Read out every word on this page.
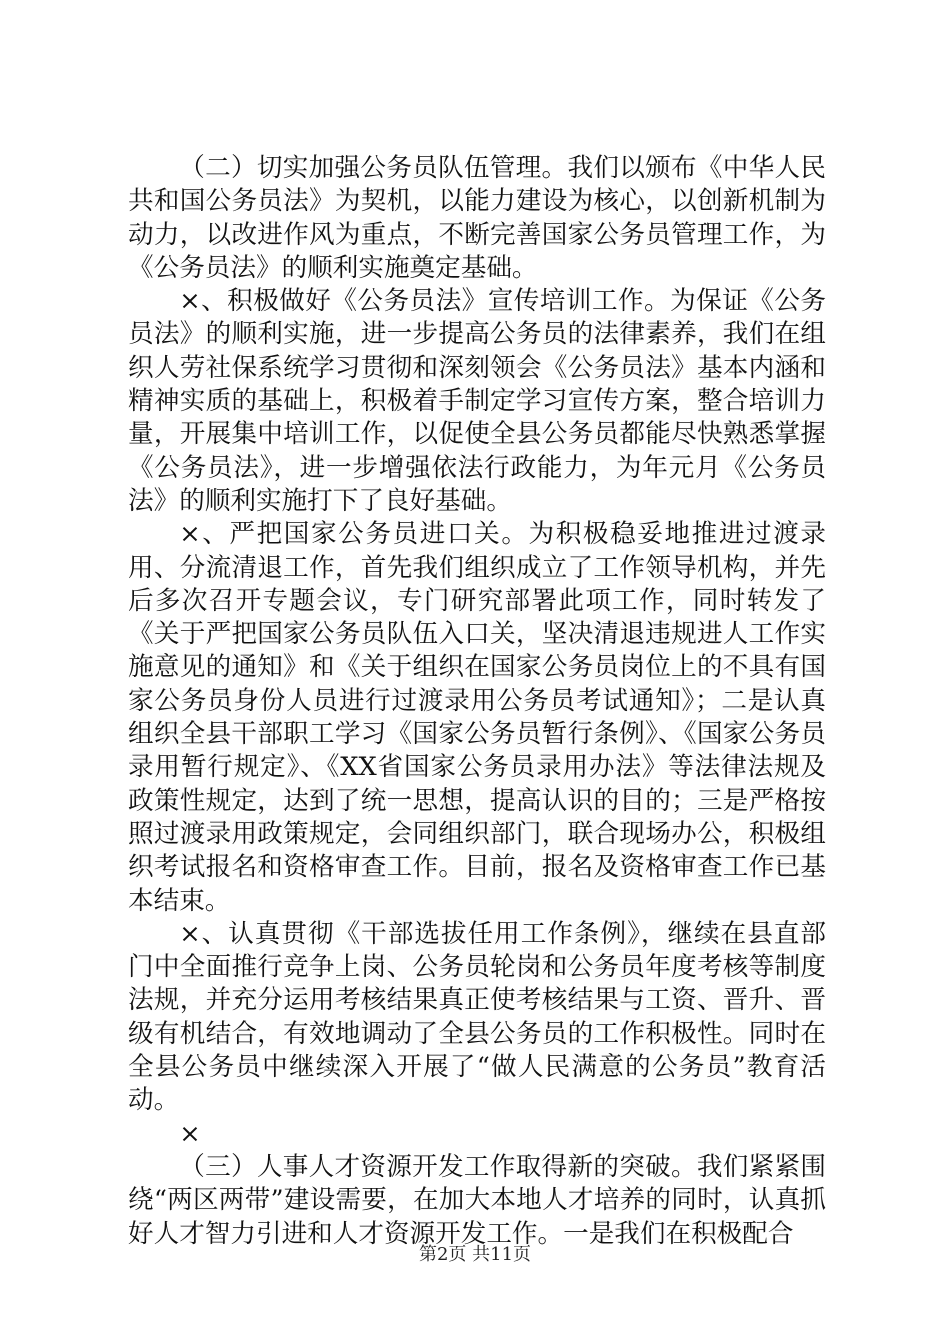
（二）切实加强公务员队伍管理。我们以颁布《中华人民共和国公务员法》为契机，以能力建设为核心，以创新机制为动力，以改进作风为重点，不断完善国家公务员管理工作，为《公务员法》的顺利实施奠定基础。

×、积极做好《公务员法》宣传培训工作。为保证《公务员法》的顺利实施，进一步提高公务员的法律素养，我们在组织人劳社保系统学习贯彻和深刻领会《公务员法》基本内涵和精神实质的基础上，积极着手制定学习宣传方案，整合培训力量，开展集中培训工作，以促使全县公务员都能尽快熟悉掌握《公务员法》，进一步增强依法行政能力，为年元月《公务员法》的顺利实施打下了良好基础。

×、严把国家公务员进口关。为积极稳妥地推进过渡录用、分流清退工作，首先我们组织成立了工作领导机构，并先后多次召开专题会议，专门研究部署此项工作，同时转发了《关于严把国家公务员队伍入口关，坚决清退违规进人工作实施意见的通知》和《关于组织在国家公务员岗位上的不具有国家公务员身份人员进行过渡录用公务员考试通知》；二是认真组织全县干部职工学习《国家公务员暂行条例》、《国家公务员录用暂行规定》、《XX省国家公务员录用办法》等法律法规及政策性规定，达到了统一思想，提高认识的目的；三是严格按照过渡录用政策规定，会同组织部门，联合现场办公，积极组织考试报名和资格审查工作。目前，报名及资格审查工作已基本结束。

×、认真贯彻《干部选拔任用工作条例》，继续在县直部门中全面推行竞争上岗、公务员轮岗和公务员年度考核等制度法规，并充分运用考核结果真正使考核结果与工资、晋升、晋级有机结合，有效地调动了全县公务员的工作积极性。同时在全县公务员中继续深入开展了“做人民满意的公务员”教育活动。

×

（三）人事人才资源开发工作取得新的突破。我们紧紧围绕“两区两带”建设需要，在加大本地人才培养的同时，认真抓好人才智力引进和人才资源开发工作。一是我们在积极配合

第2页 共11页
